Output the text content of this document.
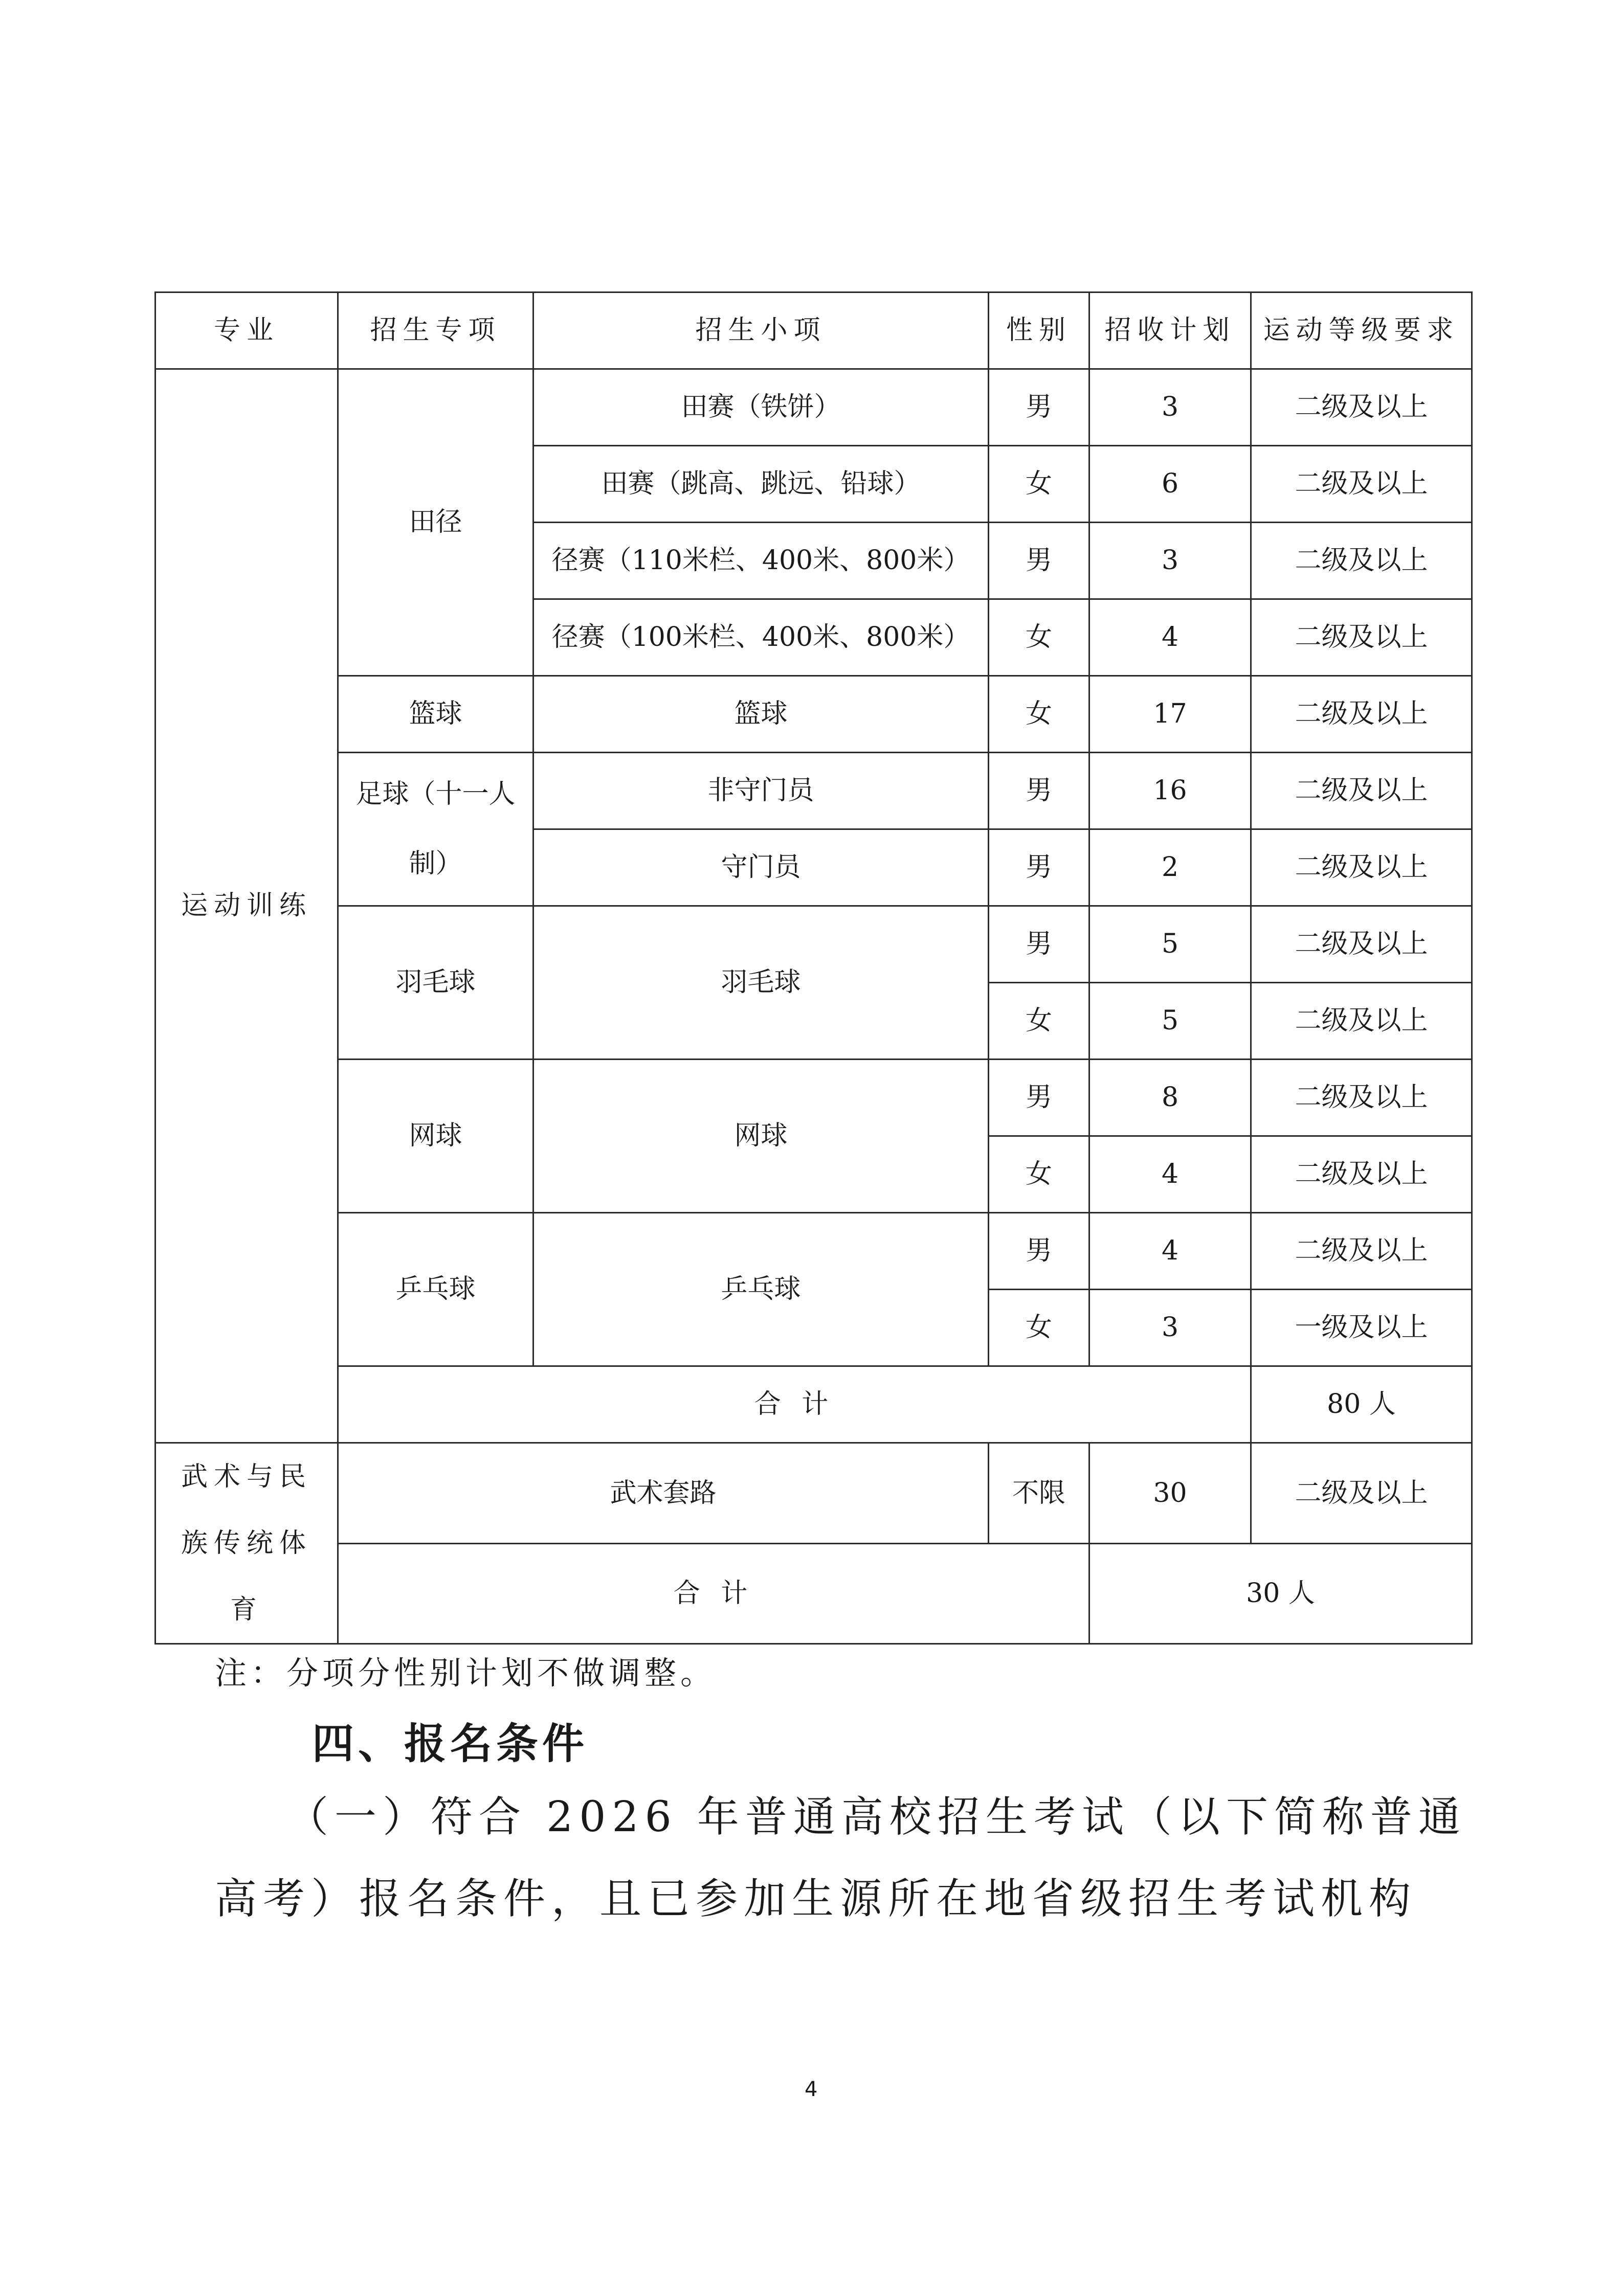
专业	招生专项	招生小项	性别	招收计划	运动等级要求
运动训练	田径	田赛（铁饼）	男	3	二级及以上
		田赛（跳高、跳远、铅球）	女	6	二级及以上
		径赛（110米栏、400米、800米）	男	3	二级及以上
		径赛（100米栏、400米、800米）	女	4	二级及以上
	篮球	篮球	女	17	二级及以上
	足球（十一人制）	非守门员	男	16	二级及以上
		守门员	男	2	二级及以上
	羽毛球	羽毛球	男	5	二级及以上
			女	5	二级及以上
	网球	网球	男	8	二级及以上
			女	4	二级及以上
	乒乓球	乒乓球	男	4	二级及以上
			女	3	一级及以上
	合 计				80 人
武术与民族传统体育	武术套路		不限	30	二级及以上
	合 计			30 人	
注：分项分性别计划不做调整。
四、报名条件
（一）符合 2026 年普通高校招生考试（以下简称普通
高考）报名条件，且已参加生源所在地省级招生考试机构
4
